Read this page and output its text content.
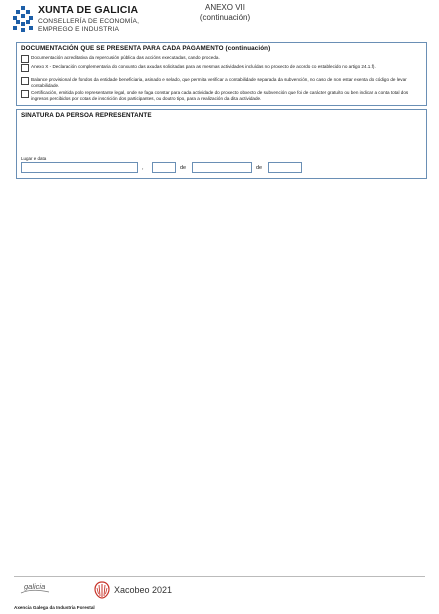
XUNTA DE GALICIA
CONSELLERÍA DE ECONOMÍA,
EMPREGO E INDUSTRIA
ANEXO VII
(continuación)
DOCUMENTACIÓN QUE SE PRESENTA PARA CADA PAGAMENTO (continuación)
Documentación acreditativa da repercusión pública das accións executadas, cando proceda.
Anexo X - Declaración complementaria do conxunto das axudas solicitadas para as mesmas actividades incluídas no proxecto de acordo co establecido no artigo 24.1.f).
Balance provisional de fondos da entidade beneficiaria, asinado e selado, que permita verificar a contabilidade separada da subvención, no caso de non estar exenta do código de levar contabilidade.
Certificación, emitida polo representante legal, onde se faga constar para cada actividade do proxecto obxecto de subvención que foi de carácter gratuíto ou ben indicar a conta total dos ingresos percibidos por cotas de inscrición dos participantes, ou doutro tipo, para a realización da dita actividade.
SINATURA DA PERSOA REPRESENTANTE
Lugar e data
,	de	de
galicia	Xacobeo 2021
Axencia Galega da Industria Forestal
